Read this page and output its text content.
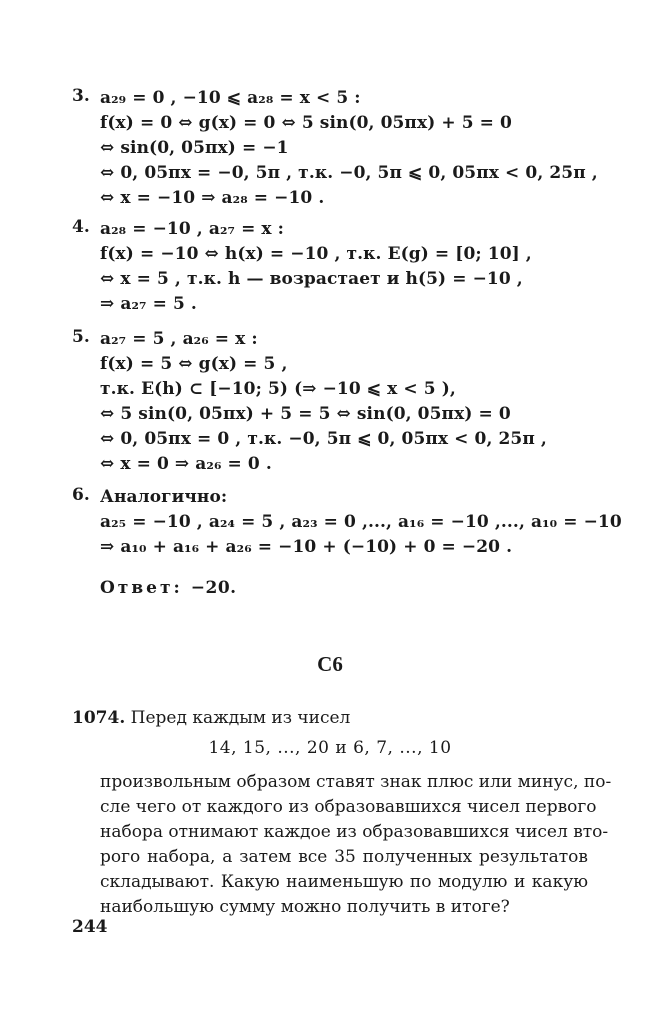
3. a₂₉ = 0 , −10 ⩽ a₂₈ = x < 5 :
f(x) = 0 ⇔ g(x) = 0 ⇔ 5 sin(0, 05πx) + 5 = 0
⇔ sin(0, 05πx) = −1
⇔ 0, 05πx = −0, 5π , т.к. −0, 5π ⩽ 0, 05πx < 0, 25π ,
⇔ x = −10 ⇒ a₂₈ = −10 .
4. a₂₈ = −10 , a₂₇ = x :
f(x) = −10 ⇔ h(x) = −10 , т.к. E(g) = [0; 10] ,
⇔ x = 5 , т.к. h — возрастает и h(5) = −10 ,
⇒ a₂₇ = 5 .
5. a₂₇ = 5 , a₂₆ = x :
f(x) = 5 ⇔ g(x) = 5 ,
т.к. E(h) ⊂ [−10; 5) (⇒ −10 ⩽ x < 5 ),
⇔ 5 sin(0, 05πx) + 5 = 5 ⇔ sin(0, 05πx) = 0
⇔ 0, 05πx = 0 , т.к. −0, 5π ⩽ 0, 05πx < 0, 25π ,
⇔ x = 0 ⇒ a₂₆ = 0 .
6. Аналогично:
a₂₅ = −10 , a₂₄ = 5 , a₂₃ = 0 ,..., a₁₆ = −10 ,..., a₁₀ = −10
⇒ a₁₀ + a₁₆ + a₂₆ = −10 + (−10) + 0 = −20 .
Ответ: −20.
С6
1074. Перед каждым из чисел
14, 15, ..., 20 и 6, 7, ..., 10
произвольным образом ставят знак плюс или минус, по-
сле чего от каждого из образовавшихся чисел первого
набора отнимают каждое из образовавшихся чисел вто-
рого набора, а затем все 35 полученных результатов
складывают. Какую наименьшую по модулю и какую
наибольшую сумму можно получить в итоге?
244
